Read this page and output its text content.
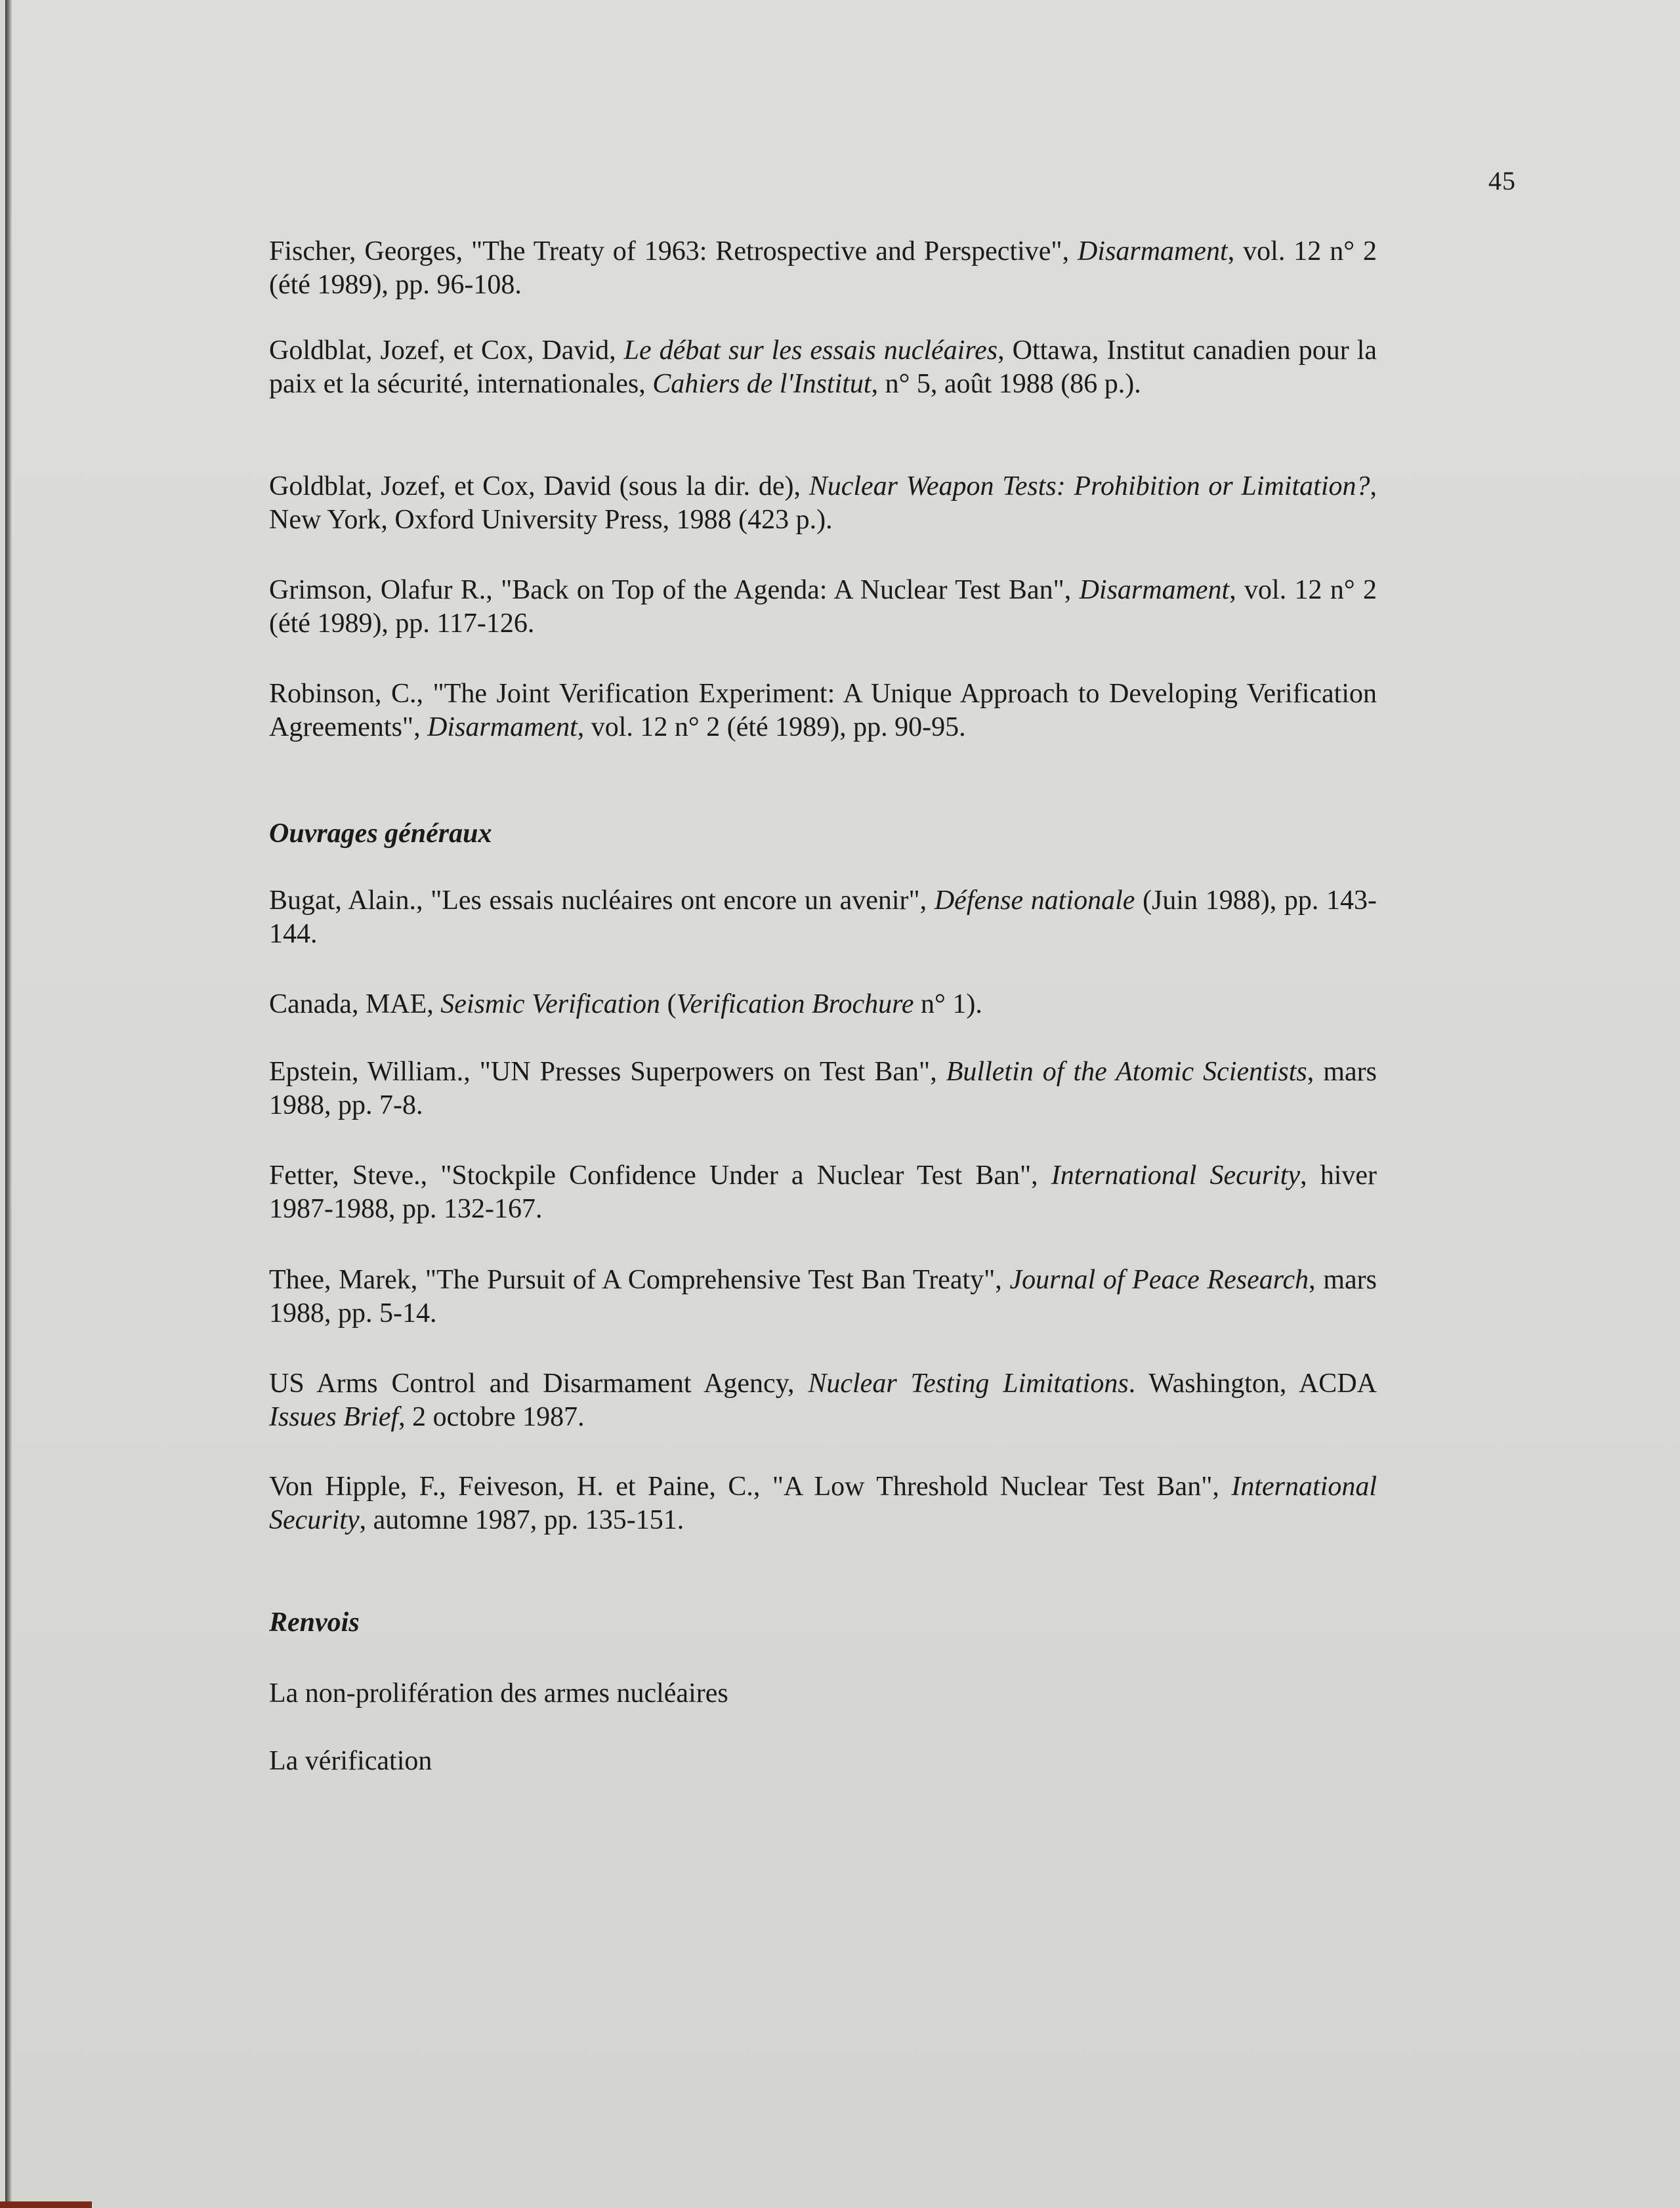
45

Fischer, Georges, "The Treaty of 1963: Retrospective and Perspective", Disarmament, vol. 12 n° 2 (été 1989), pp. 96-108.

Goldblat, Jozef, et Cox, David, Le débat sur les essais nucléaires, Ottawa, Institut canadien pour la paix et la sécurité, internationales, Cahiers de l'Institut, n° 5, août 1988 (86 p.).

Goldblat, Jozef, et Cox, David (sous la dir. de), Nuclear Weapon Tests: Prohibition or Limitation?, New York, Oxford University Press, 1988 (423 p.).

Grimson, Olafur R., "Back on Top of the Agenda: A Nuclear Test Ban", Disarmament, vol. 12 n° 2 (été 1989), pp. 117-126.

Robinson, C., "The Joint Verification Experiment: A Unique Approach to Developing Verification Agreements", Disarmament, vol. 12 n° 2 (été 1989), pp. 90-95.

Ouvrages généraux

Bugat, Alain., "Les essais nucléaires ont encore un avenir", Défense nationale (Juin 1988), pp. 143-144.

Canada, MAE, Seismic Verification (Verification Brochure n° 1).

Epstein, William., "UN Presses Superpowers on Test Ban", Bulletin of the Atomic Scientists, mars 1988, pp. 7-8.

Fetter, Steve., "Stockpile Confidence Under a Nuclear Test Ban", International Security, hiver 1987-1988, pp. 132-167.

Thee, Marek, "The Pursuit of A Comprehensive Test Ban Treaty", Journal of Peace Research, mars 1988, pp. 5-14.

US Arms Control and Disarmament Agency, Nuclear Testing Limitations. Washington, ACDA Issues Brief, 2 octobre 1987.

Von Hipple, F., Feiveson, H. et Paine, C., "A Low Threshold Nuclear Test Ban", International Security, automne 1987, pp. 135-151.

Renvois

La non-prolifération des armes nucléaires

La vérification
